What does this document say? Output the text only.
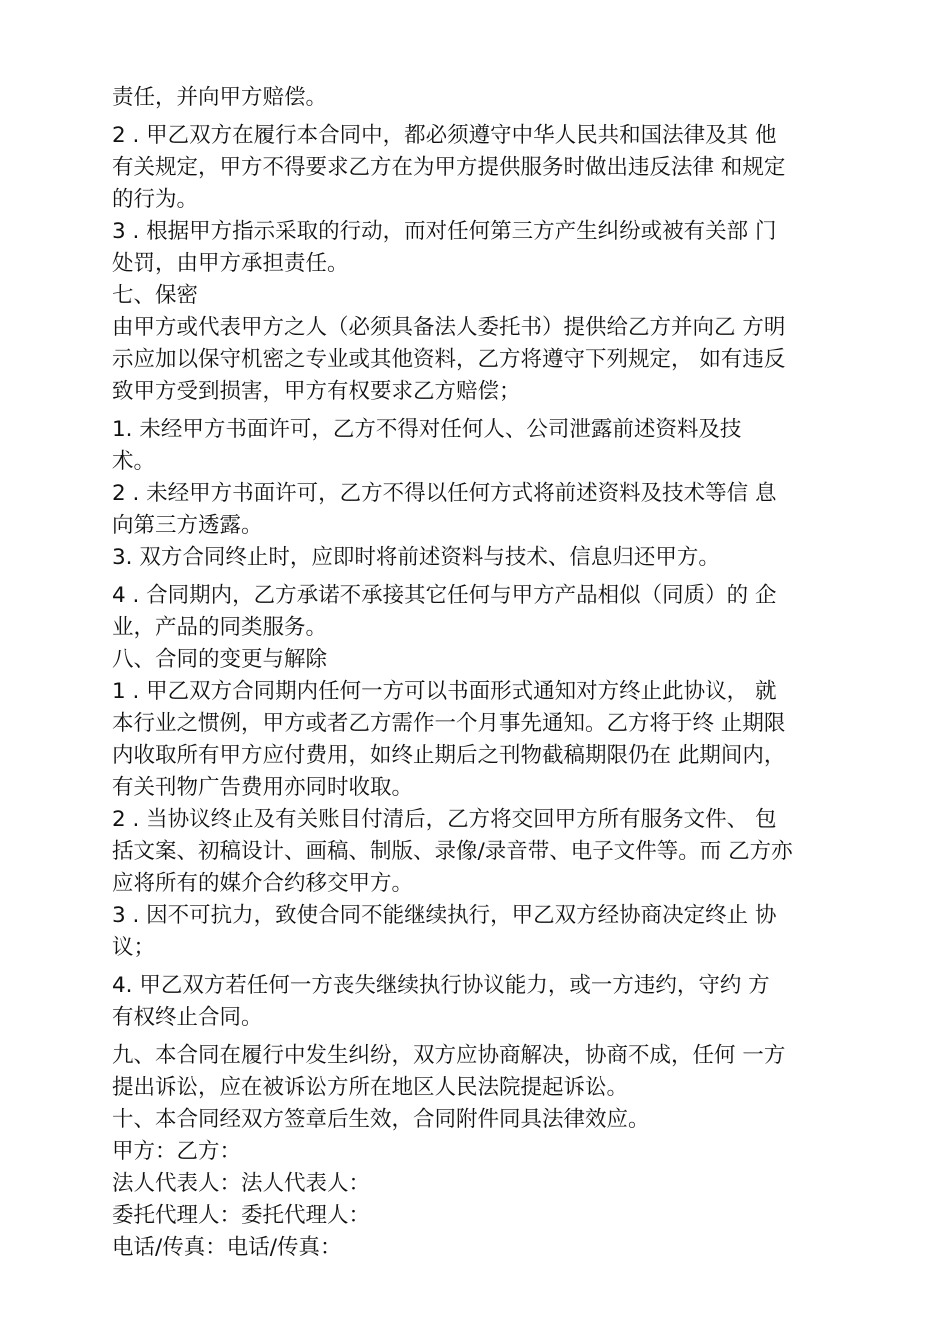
责任，并向甲方赔偿。
2 . 甲乙双方在履行本合同中，都必须遵守中华人民共和国法律及其 他
有关规定，甲方不得要求乙方在为甲方提供服务时做出违反法律 和规定
的行为。
3 . 根据甲方指示采取的行动，而对任何第三方产生纠纷或被有关部 门
处罚，由甲方承担责任。
七、保密
由甲方或代表甲方之人（必须具备法人委托书）提供给乙方并向乙 方明
示应加以保守机密之专业或其他资料，乙方将遵守下列规定， 如有违反
致甲方受到损害，甲方有权要求乙方赔偿；
1. 未经甲方书面许可，乙方不得对任何人、公司泄露前述资料及技
术。
2 . 未经甲方书面许可，乙方不得以任何方式将前述资料及技术等信 息
向第三方透露。
3. 双方合同终止时，应即时将前述资料与技术、信息归还甲方。
4 . 合同期内，乙方承诺不承接其它任何与甲方产品相似（同质）的 企
业，产品的同类服务。
八、合同的变更与解除
1 . 甲乙双方合同期内任何一方可以书面形式通知对方终止此协议， 就
本行业之惯例，甲方或者乙方需作一个月事先通知。乙方将于终 止期限
内收取所有甲方应付费用，如终止期后之刊物截稿期限仍在 此期间内，
有关刊物广告费用亦同时收取。
2 . 当协议终止及有关账目付清后，乙方将交回甲方所有服务文件、 包
括文案、初稿设计、画稿、制版、录像/录音带、电子文件等。而 乙方亦
应将所有的媒介合约移交甲方。
3 . 因不可抗力，致使合同不能继续执行，甲乙双方经协商决定终止 协
议；
4. 甲乙双方若任何一方丧失继续执行协议能力，或一方违约，守约 方
有权终止合同。
九、本合同在履行中发生纠纷，双方应协商解决，协商不成，任何 一方
提出诉讼，应在被诉讼方所在地区人民法院提起诉讼。
十、本合同经双方签章后生效，合同附件同具法律效应。
甲方：乙方：
法人代表人：法人代表人：
委托代理人：委托代理人：
电话/传真：电话/传真：
